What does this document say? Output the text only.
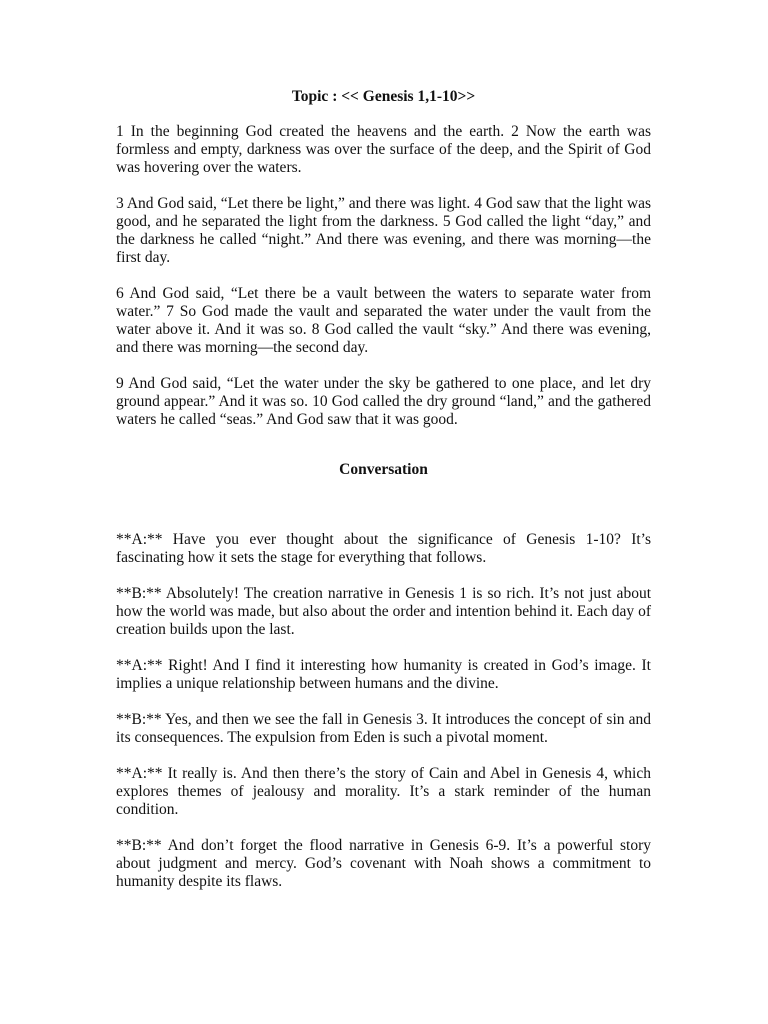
Topic : << Genesis 1,1-10>>

1 In the beginning God created the heavens and the earth. 2 Now the earth was formless and empty, darkness was over the surface of the deep, and the Spirit of God was hovering over the waters.

3 And God said, “Let there be light,” and there was light. 4 God saw that the light was good, and he separated the light from the darkness. 5 God called the light “day,” and the darkness he called “night.” And there was evening, and there was morning—the first day.

6 And God said, “Let there be a vault between the waters to separate water from water.” 7 So God made the vault and separated the water under the vault from the water above it. And it was so. 8 God called the vault “sky.” And there was evening, and there was morning—the second day.

9 And God said, “Let the water under the sky be gathered to one place, and let dry ground appear.” And it was so. 10 God called the dry ground “land,” and the gathered waters he called “seas.” And God saw that it was good.

Conversation

**A:** Have you ever thought about the significance of Genesis 1-10? It’s fascinating how it sets the stage for everything that follows.

**B:** Absolutely! The creation narrative in Genesis 1 is so rich. It’s not just about how the world was made, but also about the order and intention behind it. Each day of creation builds upon the last.

**A:** Right! And I find it interesting how humanity is created in God’s image. It implies a unique relationship between humans and the divine.

**B:** Yes, and then we see the fall in Genesis 3. It introduces the concept of sin and its consequences. The expulsion from Eden is such a pivotal moment.

**A:** It really is. And then there’s the story of Cain and Abel in Genesis 4, which explores themes of jealousy and morality. It’s a stark reminder of the human condition.

**B:** And don’t forget the flood narrative in Genesis 6-9. It’s a powerful story about judgment and mercy. God’s covenant with Noah shows a commitment to humanity despite its flaws.
